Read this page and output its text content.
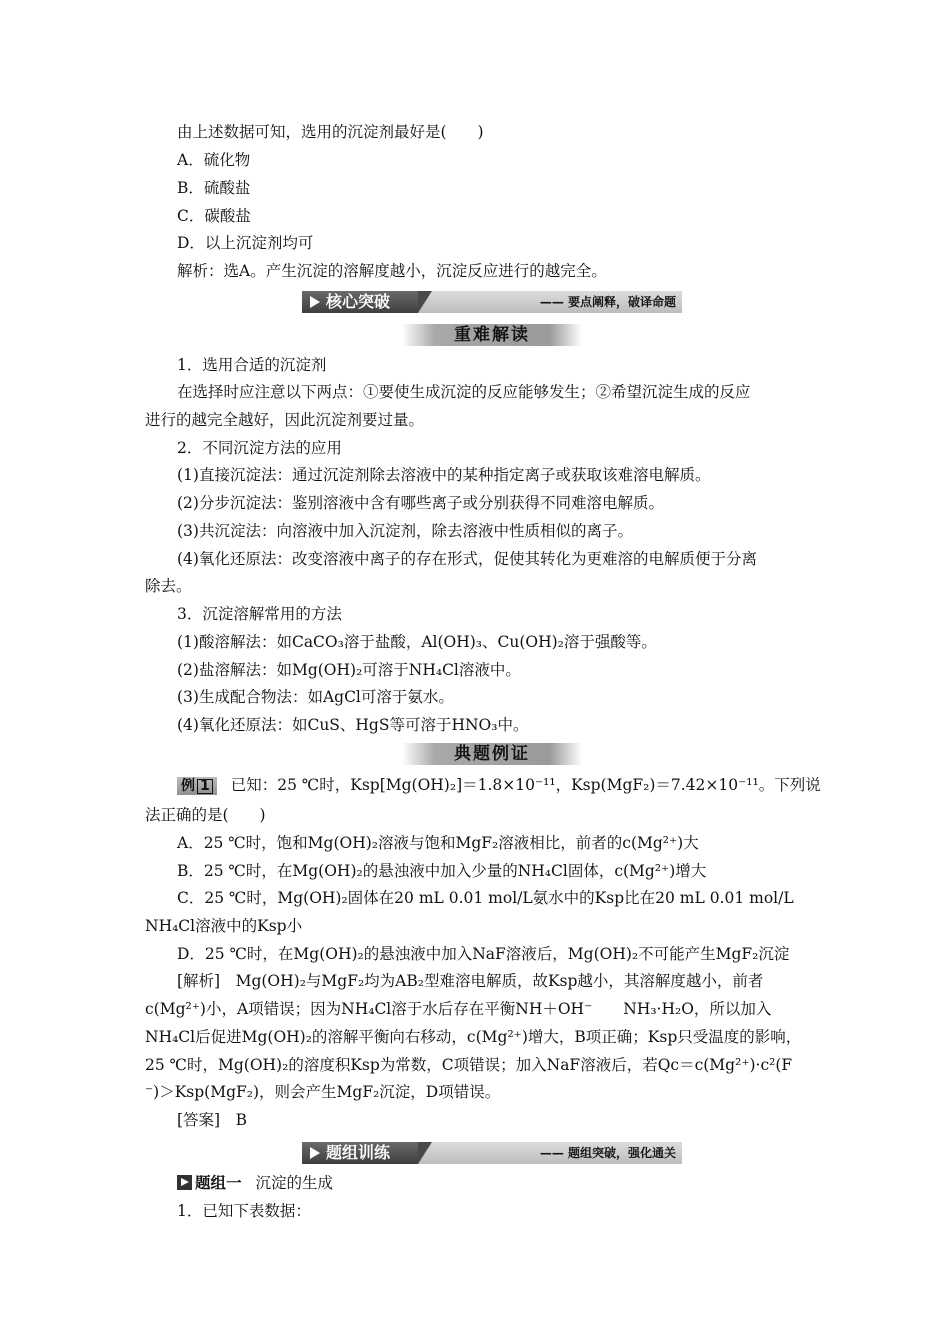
由上述数据可知，选用的沉淀剂最好是(　　)
A．硫化物
B．硫酸盐
C．碳酸盐
D．以上沉淀剂均可
解析：选A。产生沉淀的溶解度越小，沉淀反应进行的越完全。
—— 要点阐释，破译命题
核心突破
重难解读
1．选用合适的沉淀剂
在选择时应注意以下两点：①要使生成沉淀的反应能够发生；②希望沉淀生成的反应
进行的越完全越好，因此沉淀剂要过量。
2．不同沉淀方法的应用
(1)直接沉淀法：通过沉淀剂除去溶液中的某种指定离子或获取该难溶电解质。
(2)分步沉淀法：鉴别溶液中含有哪些离子或分别获得不同难溶电解质。
(3)共沉淀法：向溶液中加入沉淀剂，除去溶液中性质相似的离子。
(4)氧化还原法：改变溶液中离子的存在形式，促使其转化为更难溶的电解质便于分离
除去。
3．沉淀溶解常用的方法
(1)酸溶解法：如CaCO₃溶于盐酸，Al(OH)₃、Cu(OH)₂溶于强酸等。
(2)盐溶解法：如Mg(OH)₂可溶于NH₄Cl溶液中。
(3)生成配合物法：如AgCl可溶于氨水。
(4)氧化还原法：如CuS、HgS等可溶于HNO₃中。
典题例证
例 1 已知：25 ℃时，Ksp[Mg(OH)₂]＝1.8×10⁻¹¹，Ksp(MgF₂)＝7.42×10⁻¹¹。下列说
法正确的是(　　)
A．25 ℃时，饱和Mg(OH)₂溶液与饱和MgF₂溶液相比，前者的c(Mg²⁺)大
B．25 ℃时，在Mg(OH)₂的悬浊液中加入少量的NH₄Cl固体，c(Mg²⁺)增大
C．25 ℃时，Mg(OH)₂固体在20 mL 0.01 mol/L氨水中的Ksp比在20 mL 0.01 mol/L
NH₄Cl溶液中的Ksp小
D．25 ℃时，在Mg(OH)₂的悬浊液中加入NaF溶液后，Mg(OH)₂不可能产生MgF₂沉淀
[解析]　Mg(OH)₂与MgF₂均为AB₂型难溶电解质，故Ksp越小，其溶解度越小，前者
c(Mg²⁺)小，A项错误；因为NH₄Cl溶于水后存在平衡NH＋OH⁻　　NH₃·H₂O，所以加入
NH₄Cl后促进Mg(OH)₂的溶解平衡向右移动，c(Mg²⁺)增大，B项正确；Ksp只受温度的影响，
25 ℃时，Mg(OH)₂的溶度积Ksp为常数，C项错误；加入NaF溶液后，若Qc＝c(Mg²⁺)·c²(F
⁻)＞Ksp(MgF₂)，则会产生MgF₂沉淀，D项错误。
[答案]　B
—— 题组突破，强化通关
题组训练
题组一 沉淀的生成
1．已知下表数据：
